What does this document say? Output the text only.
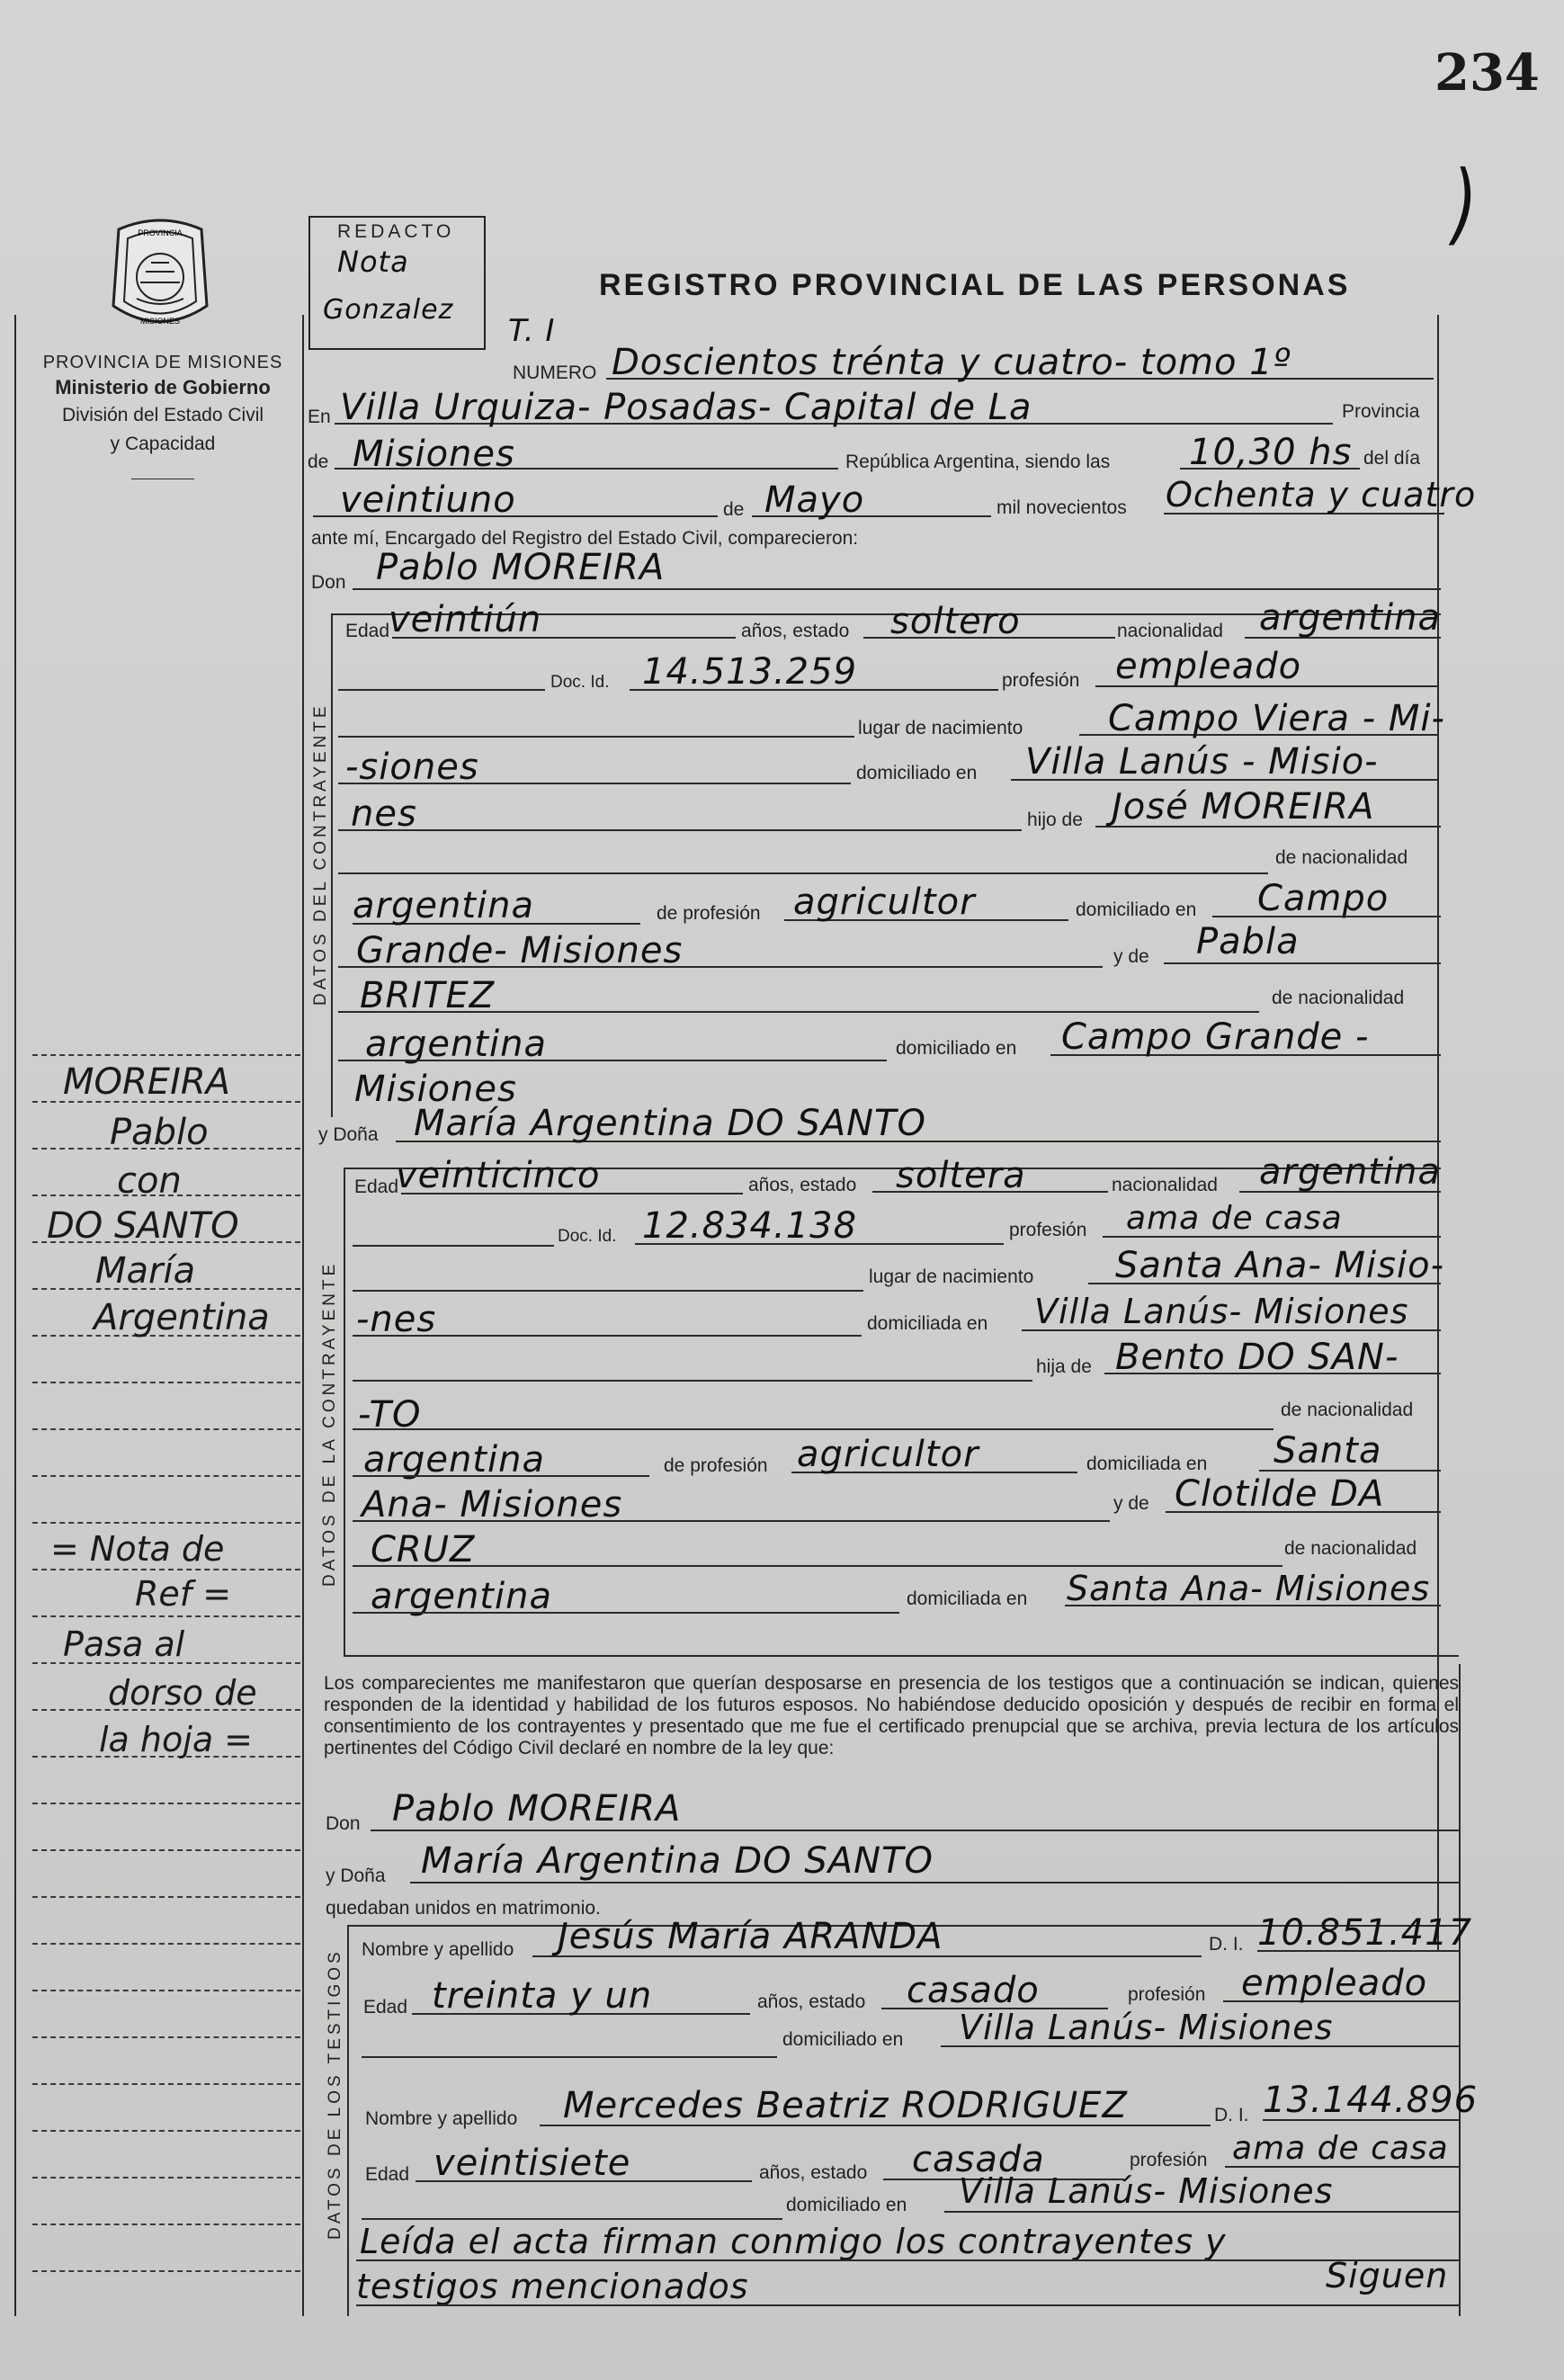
234
)
PROVINCIA
MISIONES
PROVINCIA DE MISIONES
Ministerio de Gobierno
División del Estado Civil
y Capacidad
REDACTO
Nota
Gonzalez
REGISTRO PROVINCIAL DE LAS PERSONAS
T. I
NUMERO Doscientos trénta y cuatro- tomo 1º
En Villa Urquiza- Posadas- Capital de La	Provincia
de Misiones	República Argentina, siendo las 10,30 hs del día
veintiuno	de Mayo	mil novecientos Ochenta y cuatro
ante mí, Encargado del Registro del Estado Civil, comparecieron:
Don Pablo MOREIRA
DATOS DEL CONTRAYENTE
Edad
veintiún	años, estado soltero	nacionalidad argentina
Doc. Id. 14.513.259	profesión empleado
lugar de nacimiento Campo Viera - Mi-
-siones	domiciliado en Villa Lanús - Misio-
nes	hijo de José MOREIRA
de nacionalidad
argentina	de profesión agricultor	domiciliado en Campo
Grande- Misiones	y de Pabla
BRITEZ	de nacionalidad
argentina	domiciliado en Campo Grande -
Misiones
y Doña María Argentina DO SANTO
DATOS DE LA CONTRAYENTE
Edad
veinticinco	años, estado soltera	nacionalidad argentina
Doc. Id. 12.834.138	profesión ama de casa
lugar de nacimiento Santa Ana- Misio-
-nes	domiciliada en Villa Lanús- Misiones
hija de Bento DO SAN-
-TO	de nacionalidad
argentina	de profesión agricultor	domiciliada en Santa
Ana- Misiones	y de Clotilde DA
CRUZ	de nacionalidad
argentina	domiciliada en Santa Ana- Misiones
MOREIRA
Pablo
con
DO SANTO
María
Argentina
= Nota de
Ref =
Pasa al
dorso de
la hoja =
Los comparecientes me manifestaron que querían desposarse en presencia de los testigos que a continuación se indican, quienes responden de la identidad y habilidad de los futuros esposos. No habiéndose deducido oposición y después de recibir en forma el consentimiento de los contrayentes y presentado que me fue el certificado prenupcial que se archiva, previa lectura de los artículos pertinentes del Código Civil declaré en nombre de la ley que:
Don Pablo MOREIRA
y Doña María Argentina DO SANTO
quedaban unidos en matrimonio.
DATOS DE LOS TESTIGOS Nombre y apellido Jesús María ARANDA	D. I. 10.851.417
Edad treinta y un	años, estado casado	profesión empleado
domiciliado en Villa Lanús- Misiones
Nombre y apellido Mercedes Beatriz RODRIGUEZ	D. I. 13.144.896
Edad veintisiete	años, estado casada	profesión ama de casa
domiciliado en Villa Lanús- Misiones
Leída el acta firman conmigo los contrayentes y
testigos mencionados	Siguen
